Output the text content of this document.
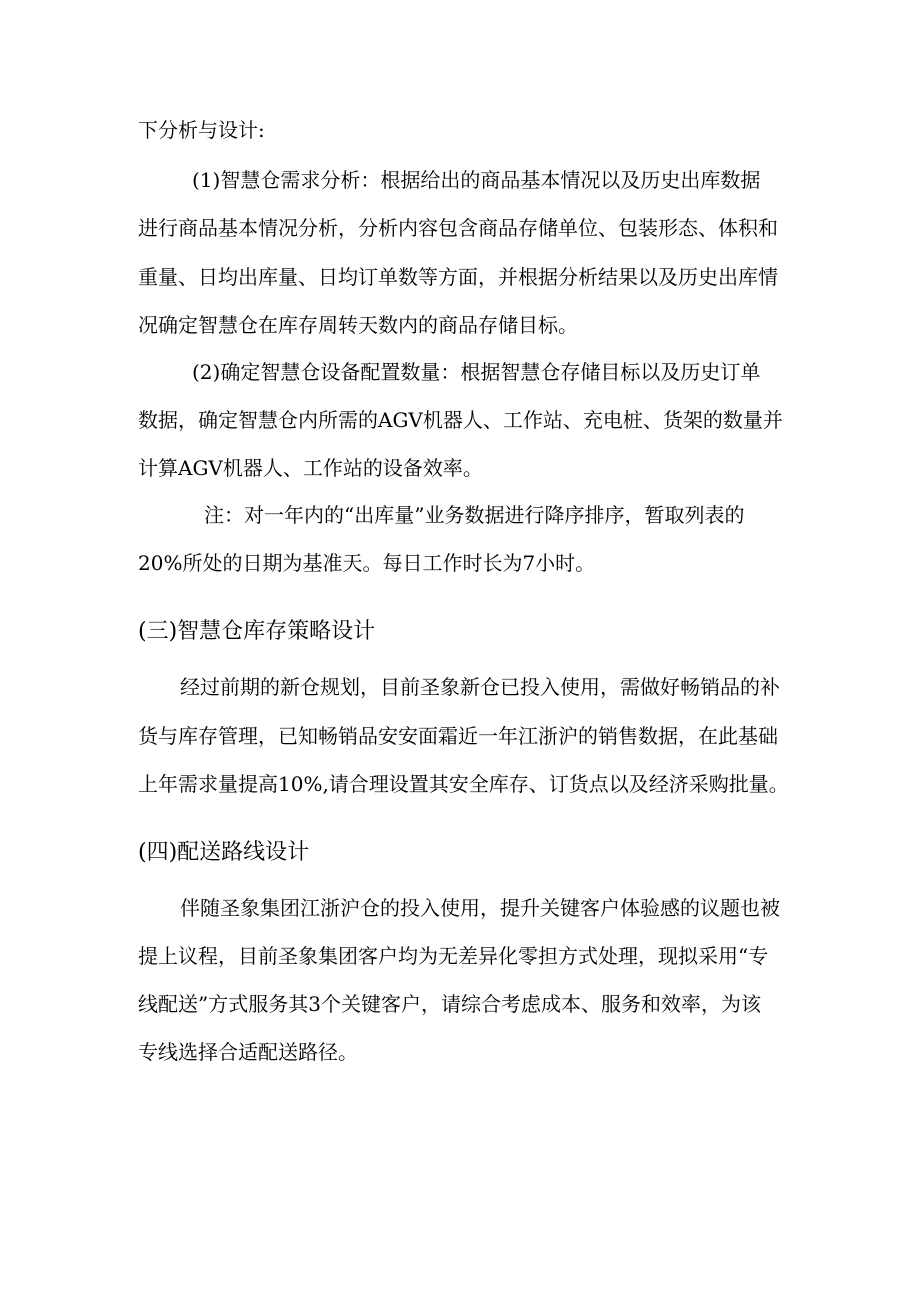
下分析与设计:

(1)智慧仓需求分析：根据给出的商品基本情况以及历史出库数据

进行商品基本情况分析，分析内容包含商品存储单位、包装形态、体积和

重量、日均出库量、日均订单数等方面，并根据分析结果以及历史出库情

况确定智慧仓在库存周转天数内的商品存储目标。

(2)确定智慧仓设备配置数量：根据智慧仓存储目标以及历史订单

数据，确定智慧仓内所需的AGV机器人、工作站、充电桩、货架的数量并

计算AGV机器人、工作站的设备效率。

注：对一年内的“出库量”业务数据进行降序排序，暂取列表的

20%所处的日期为基准天。每日工作时长为7小时。

(三)智慧仓库存策略设计

经过前期的新仓规划，目前圣象新仓已投入使用，需做好畅销品的补

货与库存管理，已知畅销品安安面霜近一年江浙沪的销售数据，在此基础

上年需求量提高10%,请合理设置其安全库存、订货点以及经济采购批量。

(四)配送路线设计

伴随圣象集团江浙沪仓的投入使用，提升关键客户体验感的议题也被

提上议程，目前圣象集团客户均为无差异化零担方式处理，现拟采用“专

线配送”方式服务其3个关键客户，请综合考虑成本、服务和效率，为该

专线选择合适配送路径。
